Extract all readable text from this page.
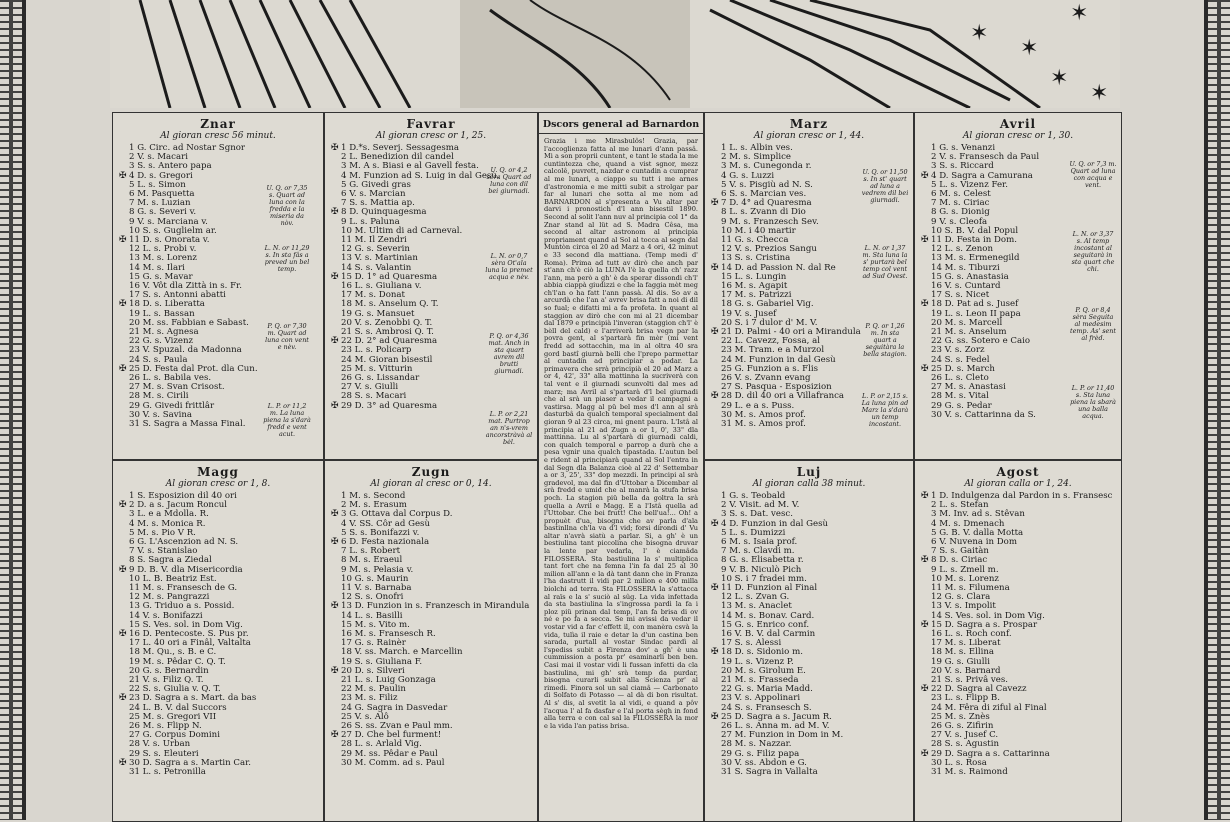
✶
✶
✶
✶
✶
Znar
Al gioran cresc 56 minut.
1 G. Circ. ad Nostar Sgnor
2 V. s. Macari
3 S. s. Antero papa
✠ 4 D. s. Gregori
5 L. s. Simon
6 M. Pasquetta
7 M. s. Luzian
8 G. s. Severi v.
9 V. s. Marciana v.
10 S. s. Guglielm ar.
✠ 11 D. s. Onorata v.
12 L. s. Probi v.
13 M. s. Lorenz
14 M. s. Ilari
15 G. s. Mavar
16 V. Vôt dla Zittà in s. Fr.
17 S. s. Antonni abatti
✠ 18 D. s. Liberatta
19 L. s. Bassan
20 M. ss. Fabbian e Sabast.
21 M. s. Agnesa
22 G. s. Vizenz
23 V. Spuzal. da Madonna
24 S. s. Paula
✠ 25 D. Festa dal Prot. dla Cun.
26 L. s. Babila ves.
27 M. s. Svan Crisost.
28 M. s. Cirili
29 G. Givedi frittlâr
30 V. s. Savina
31 S. Sagra a Massa Final.
U. Q. or 7,35 s. Quart ad luna con la fredda e la miseria da nòv.
L. N. or 11,29 s. In sta fâs a preved un bel temp.
P. Q. or 7,30 m. Quart ad luna con vent e nèv.
L. P. or 11,2 m. La luna piena la s'darà fredd e vent acut.
Favrar
Al gioran cresc or 1, 25.
✠ 1 D.*s. Severj. Sessagesma
2 L. Benedizion dil candel
3 M. A s. Biasi e al Gavell festa.
4 M. Funzion ad S. Luig in dal Gesù.
5 G. Givedi gras
6 V. s. Marcian
7 S. s. Mattia ap.
✠ 8 D. Quinquagesma
9 L. s. Paluna
10 M. Ultim di ad Carneval.
11 M. Il Zendri
12 G. s. Severin
13 V. s. Martinian
14 S. s. Valantin
✠ 15 D. 1° ad Quaresma
16 L. s. Giuliana v.
17 M. s. Donat
18 M. s. Anselum Q. T.
19 G. s. Mansuet
20 V. s. Zenobbi Q. T.
21 S. s. Ambrosi Q. T.
✠ 22 D. 2° ad Quaresma
23 L. s. Policarp
24 M. Gioran bisestil
25 M. s. Vitturin
26 G. s. Lissandar
27 V. s. Giulli
28 S. s. Macari
✠ 29 D. 3° ad Quaresma
U. Q. or 4,2 sèra Quart ad luna con dil bei giurnadi.
L. N. or 0,7 sèra Ot'ala luna la premet acqua e nèv.
P. Q. or 4,36 mat. Anch in sta quart avrem dil brutti giurnadi.
L. P. or 2,21 mat. Purtrop an n's-vrem ancorstràvà al bèl.
Dscors general ad Barnardon

Grazia i me Mirasbulôs! Grazia, par l'accoglienza fatta al me lunari d'ann passâ. Mi a son proprii cuntent, e tant le stada la me cuntintezza che, quand a vist sgnor, mezz calcolê, puvrett, nazdar e cuntadin a cumprar al me lunari, a ciappo su tutt i me arnes d'astronomia e me mitti subit a strolgar par far al lunari che sotta al me nom ad BARNARDON al s'presenta a Vu altar par darvi i pronostich d'l ann bisestil 1890. Second al solit l'ann nuv al principia col 1° da Znar stand al lüt ad S. Madra Cêsa, ma second al altar astronom al principia propriament quand al Sol al tocca al segn dal Muntòn circa el 20 ad Marz a 4 ori, 42 minut e 33 second dla mattiana. (Temp medi d' Roma). Prima ad tutt av dirò che anch par st'ann ch'è ciò la LUNA l'è la quella ch' razz l'ann, ma però a gh' è da sperar dissondi ch'l' abbia ciappà giudizzi e che la faggia mèt meg ch'l'an o ha fatt l'ann passà. Al dis. So av a arcurdà che l'an a' avrev brisa fatt a noi di dil so fual; e difatti mi a fa profeta. In quant al staggion av dirò che con mi al 21 dicembar dal 1879 e principià l'inveran (staggion ch'l' è bèll del cald) e l'arriverà brisa vegn par la povra gent, al s'partarà fin mèr (mi vent fredd ad sottacchin, ma in al oltra 40 sra gord bastî giurnà belli che l'prepo parmettar al cuntadin ad principiar a podar. La primavera che srrà principià el 20 ad Marz a or 4, 42', 33" alla mattinna la sucriverà con tal vent e il giurnadi scunvolti dal mes ad marz; ma Avril al s'partarà d'l bel giurnadi che al srà un piaser a vedar il campagni a vastirsa. Magg al pü bel mes d'l ann al srà dasturbâ da qualch temporal specialment dal gioran 9 al 23 circa, mi gnent paura. L'Istâ al principia al 21 ad Zugn a or 1, 0', 33" dla mattinna. Lu al s'partarà di giurnadi caldi, con qualch temporal e parrop a durà che a pesa vgnir una qualch tipastada. L'autun bel e rident al principiarà quand al Sol l'entra in dal Segn dla Balanza cioè al 22 d' Settembar a or 3, 25', 33" dop mezzdi. In principi al srà gradevol, ma dal fin d'Uttobar a Dicembar al srà fredd e umid che al manrà la stufa brisa poch. La stagion piü bella da goltra la srà quella a Avril e Magg. E a l'Istâ quella ad l'Uttobar. Che bei frutt! Che bell'ua!... Oh! a propuèt d'ua, bisogna che av parla d'ala bastinllna ch'la va d'l vid; forsi dirondi d' Vu altar n'avrà siatù a parlar. Si, a gh' è un bestiulina tant piccolina che bisogna druvar la lente par vedarla, l' è ciamâda FILOSSERA. Sta bastiulina la s' multiplica tant fort che na femna l'in fa dal 25 al 30 milion all'ann e la dà tant dann che in Franza l'ha dastrutt il vidi par 2 milion e 400 milla biolchi ad terra. Sta FILOSSERA la s'attacca al raïs e la s' suciò al sûg. La vida infettada da sta bastiulina la s'ingrossa pardì la fa i ploz piü prinan dal temp, l'an fa brisa di ov né e po fa a secca. Se mi avissi da vedar il vostar vid a far c'effett il, con manèra csvà la vida, tulìa il raie e detar la d'un castina ben sarada, purtall al vostar Sindac pardì al l'spediss subit a Firenza dov' a gh' è una cummission a posta pr' esaminarli ben ben. Casi mai il vostar vidi li fussan infetti da cla bastiulina, mi gh' srà temp da purdar, bisogna curarli subit alla Scienza pr' al rimedi. Finora sol un sal ciamâ — Carbonato di Solfato di Potasso — al dà di bon risultat. Al s' dis, al svetìt la al vidi, e quand a pôv l'acqua l' al fa dasfar e l'al porta sègh in fond alla terra e con cal sal la FILOSSERA la mor e la vida l'an patiss brisa.

Marz
Al gioran cresc or 1, 44.
1 L. s. Albin ves.
2 M. s. Simplice
3 M. s. Cunegonda r.
4 G. s. Luzzi
5 V. s. Pisgiù ad N. S.
6 S. s. Marcian ves.
✠ 7 D. 4° ad Quaresma
8 L. s. Zvann di Dio
9 M. s. Franzesch Sev.
10 M. i 40 martir
11 G. s. Checca
12 V. s. Prezios Sangu
13 S. s. Cristina
✠ 14 D. ad Passion N. dal Re
15 L. s. Lungin
16 M. s. Agapit
17 M. s. Patrizzi
18 G. s. Gabariel Vig.
19 V. s. Jusef
20 S. i 7 dulor d' M. V.
✠ 21 D. Palmi - 40 ori a Mirandula
22 L. Cavezz, Fossa, al
23 M. Tram. e a Murzol
24 M. Funzion in dal Gesù
25 G. Funzion a s. Flis
26 V. s. Zvann evang
27 S. Pasqua - Esposizion
✠ 28 D. dil 40 ori a Villafranca
29 L. e a s. Puss.
30 M. s. Amos prof.
31 M. s. Amos prof.
U. Q. or 11,50 s. In st' quart ad luna a vedrem dil bei giurnadi.
L. N. or 1,37 m. Sta luna la s' purtarà bel temp col vent ad Sud Ovest.
P. Q. or 1,26 m. In sta quart a seguitàra la bella stagion.
L. P. or 2,15 s. La luna pin ad Marz la s'darà un temp incostant.
Avril
Al gioran cresc or 1, 30.
1 G. s. Venanzi
2 V. s. Fransesch da Paul
3 S. s. Riccard
✠ 4 D. Sagra a Camurana
5 L. s. Vizenz Fer.
6 M. s. Celest
7 M. s. Ciriac
8 G. s. Dionig
9 V. s. Cleofa
10 S. B. V. dal Popul
✠ 11 D. Festa in Dom.
12 L. s. Zenon
13 M. s. Ermenegild
14 M. s. Tiburzi
15 G. s. Anastasia
16 V. s. Cuntard
17 S. s. Nicet
✠ 18 D. Pat ad s. Jusef
19 L. s. Leon II papa
20 M. s. Marcell
21 M. s. Anselum
22 G. ss. Sotero e Caio
23 V. s. Zorz
24 S. s. Fedel
✠ 25 D. s. March
26 L. s. Cleto
27 M. s. Anastasi
28 M. s. Vital
29 G. s. Pedar
30 V. s. Cattarinna da S.
U. Q. or 7,3 m. Quart ad luna con acqua e vent.
L. N. or 3,37 s. Al temp incostant al seguitarà in sta quart che chi.
P. Q. or 8,4 sèra Seguita al medesim temp. As' sent al frèd.
L. P. or 11,40 s. Sta luna piena la sbarà una balla acqua.
Magg
Al gioran cresc or 1, 8.
1 S. Esposizion dil 40 ori
✠ 2 D. a s. Jacum Roncul
3 L. e a Mdolla. R.
4 M. s. Monica R.
5 M. s. Pio V R.
6 G. L'Ascenzion ad N. S.
7 V. s. Stanislao
8 S. Sagra a Ziedal
✠ 9 D. B. V. dla Misericordia
10 L. B. Beatriz Est.
11 M. s. Fransesch de G.
12 M. s. Pangrazzi
13 G. Triduo a s. Possid.
14 V. s. Bonifazzi
15 S. Ves. sol. in Dom Vig.
✠ 16 D. Pentecoste. S. Pus pr.
17 L. 40 ori a Finâl, Valtalta
18 M. Qu., s. B. e C.
19 M. s. Pêdar C. Q. T.
20 G. s. Bernardin
21 V. s. Filiz Q. T.
22 S. s. Giulia v. Q. T.
✠ 23 D. Sagra a s. Mart. da bas
24 L. B. V. dal Succors
25 M. s. Gregori VII
26 M. s. Flipp N.
27 G. Corpus Domini
28 V. s. Urban
29 S. s. Eleuteri
✠ 30 D. Sagra a s. Martin Car.
31 L. s. Petronilla
Zugn
Al gioran al cresc or 0, 14.
1 M. s. Second
2 M. s. Erasum
✠ 3 G. Ottava dal Corpus D.
4 V. SS. Côr ad Gesù
5 S. s. Bonifazzi v.
✠ 6 D. Festa nazionala
7 L. s. Robert
8 M. s. Eraeul
9 M. s. Pelasia v.
10 G. s. Maurin
11 V. s. Barnaba
12 S. s. Onofri
✠ 13 D. Funzion in s. Franzesch in Mirandula
14 L. s. Basilli
15 M. s. Vito m.
16 M. s. Fransesch R.
17 G. s. Rainèr
18 V. ss. March. e Marcellin
19 S. s. Giuliana F.
✠ 20 D. s. Silveri
21 L. s. Luig Gonzaga
22 M. s. Paulin
23 M. s. Filiz
24 G. Sagra in Dasvedar
25 V. s. Alô
26 S. ss. Zvan e Paul mm.
✠ 27 D. Che bel furment!
28 L. s. Arlald Vig.
29 M. ss. Pêdar e Paul
30 M. Comm. ad s. Paul
Luj
Al gioran calla 38 minut.
1 G. s. Teobald
2 V. Visit. ad M. V.
3 S. s. Dat. vesc.
✠ 4 D. Funzion in dal Gesù
5 L. s. Dumizzi
6 M. s. Isaia prof.
7 M. s. Clavdi m.
8 G. s. Elisabetta r.
9 V. B. Niculò Pich
10 S. i 7 fradei mm.
✠ 11 D. Funzion al Final
12 L. s. Zvan G.
13 M. s. Anaclet
14 M. s. Bonav. Card.
15 G. s. Enrico conf.
16 V. B. V. dal Carmin
17 S. s. Alessi
✠ 18 D. s. Sidonio m.
19 L. s. Vizenz P.
20 M. s. Girolum E.
21 M. s. Frasseda
22 G. s. Maria Madd.
23 V. s. Appolinari
24 S. s. Fransesch S.
✠ 25 D. Sagra a s. Jacum R.
26 L. s. Anna m. ad M. V.
27 M. Funzion in Dom in M.
28 M. s. Nazzar.
29 G. s. Filiz papa
30 V. ss. Abdon e G.
31 S. Sagra in Vallalta
Agost
Al gioran calla or 1, 24.
✠ 1 D. Indulgenza dal Pardon in s. Fransesc
2 L. s. Stefan
3 M. Inv. ad s. Stêvan
4 M. s. Dmenach
5 G. B. V. dalla Motta
6 V. Nuvena in Dom
7 S. s. Gaitàn
✠ 8 D. s. Ciriac
9 L. s. Zmell m.
10 M. s. Lorenz
11 M. s. Filumena
12 G. s. Clara
13 V. s. Impolit
14 S. Ves. sol. in Dom Vig.
✠ 15 D. Sagra a s. Prospar
16 L. s. Roch conf.
17 M. s. Liberat
18 M. s. Ellina
19 G. s. Giulli
20 V. s. Barnard
21 S. s. Privâ ves.
✠ 22 D. Sagra al Cavezz
23 L. s. Flipp B.
24 M. Fêra di ziful al Final
25 M. s. Znès
26 G. s. Zifirin
27 V. s. Jusef C.
28 S. s. Agustin
✠ 29 D. Sagra a s. Cattarinna
30 L. s. Rosa
31 M. s. Raimond
